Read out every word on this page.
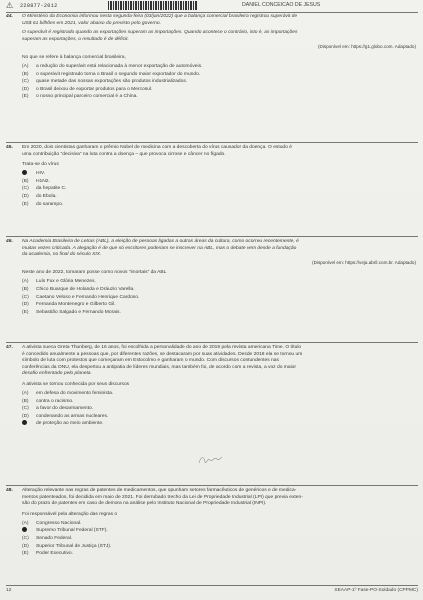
⚠ 220877-2012	DANIEL CONCEICAO DE JESUS

44. O Ministério da Economia informou nesta segunda-feira (03/jan/2022) que a balança comercial brasileira registrou superávit de

US$ 61 bilhões em 2021, valor abaixo do previsto pelo governo.

O superávit é registrado quando as exportações superam as importações. Quando acontece o contrário, isto é, as importações

superam as exportações, o resultado é de déficit.

(Disponível em: https://g1.globo.com. Adaptado)

No que se refere à balança comercial brasileira,

(A)	a redução do superávit está relacionada à menor exportação de automóveis.
(B)	o superávit registrado torna o Brasil o segundo maior exportador do mundo.
(C)	quase metade das nossas exportações são produtos industrializados.
(D)	o Brasil deixou de exportar produtos para o Mercosul.
(E)	o nosso principal parceiro comercial é a China.

45. Em 2020, dois cientistas ganharam o prêmio Nobel de medicina com a descoberta do vírus causador da doença. O estudo é

uma contribuição “decisiva” na luta contra a doença – que provoca cirrose e câncer no fígado.

Trata-se do vírus

HIV.
(B)	H1N2.
(C)	da hepatite C.
(D)	do Ebola.
(E)	do sarampo.

46. Na Academia Brasileira de Letras (ABL), a eleição de pessoas ligadas a outras áreas da cultura, como ocorreu recentemente, é

muitas vezes criticada. A alegação é de que só escritores poderiam se inscrever na ABL, mas o debate vem desde a fundação

da academia, no final do século XIX.

(Disponível em: https://veja.abril.com.br. Adaptado)

Neste ano de 2022, tomaram posse como novos “imortais” da ABL

(A)	Luís Fux e Glória Menezes.
(B)	Chico Buarque de Holanda e Dráuzio Varella.
(C)	Caetano Veloso e Fernando Henrique Cardoso.
(D)	Fernanda Montenegro e Gilberto Gil.
(E)	Sebastião Salgado e Fernando Morais.

47. A ativista sueca Greta Thunberg, de 16 anos, foi escolhida a personalidade do ano de 2019 pela revista americana Time. O título

é concedido anualmente a pessoas que, por diferentes razões, se destacaram por suas atividades. Desde 2018 ela se tornou um

símbolo de luta com protestos que começaram em Estocolmo e ganharam o mundo. Com discursos contundentes nas

conferências da ONU, ela despertou a antipatia de líderes mundiais, mas também foi, de acordo com a revista, a voz do maior

desafio enfrentado pelo planeta.

A ativista se tornou conhecida por seus discursos

(A)	em defesa do movimento feminista.
(B)	contra o racismo.
(C)	a favor do desarmamento.
(D)	condenando as armas nucleares.
de proteção ao meio ambiente.

48. Alteração relevante nas regras de patentes de medicamentos, que opunham setores farmacêuticos de genéricos e de medica-

mentos patenteados, foi decidida em maio de 2021. Foi derrubado trecho da Lei de Propriedade Industrial (LPI) que previa exten-

são do prazo de patentes em caso de demora na análise pelo Instituto Nacional de Propriedade Industrial (INPI).

Foi responsável pela alteração das regras o

(A)	Congresso Nacional.
Supremo Tribunal Federal (STF).
(C)	Senado Federal.
(D)	Superior Tribunal de Justiça (STJ).
(E)	Poder Executivo.
12	SEAAP-1º Fase-PO-Soldado (CPPMC)
